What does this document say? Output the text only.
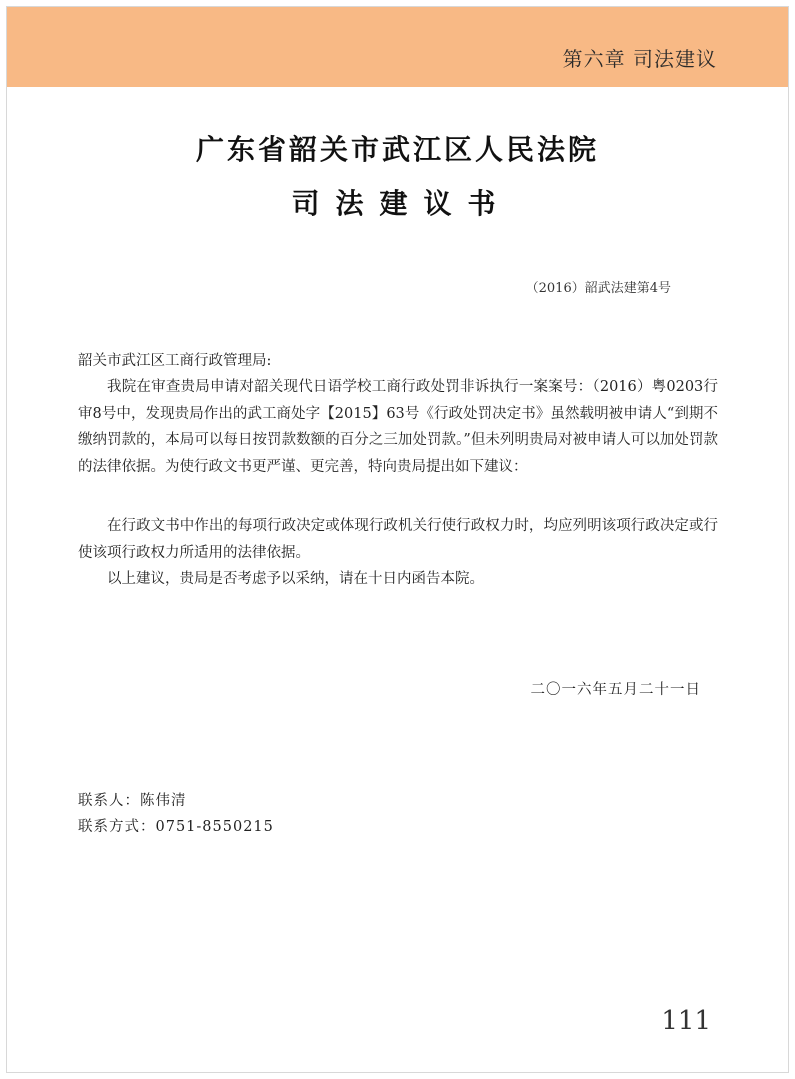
第六章 司法建议
广东省韶关市武江区人民法院
司法建议书
（2016）韶武法建第4号
韶关市武江区工商行政管理局:
我院在审查贵局申请对韶关现代日语学校工商行政处罚非诉执行一案案号：（2016）粤0203行审8号中，发现贵局作出的武工商处字【2015】63号《行政处罚决定书》虽然载明被申请人“到期不缴纳罚款的，本局可以每日按罚款数额的百分之三加处罚款。”但未列明贵局对被申请人可以加处罚款的法律依据。为使行政文书更严谨、更完善，特向贵局提出如下建议：
在行政文书中作出的每项行政决定或体现行政机关行使行政权力时，均应列明该项行政决定或行使该项行政权力所适用的法律依据。
以上建议，贵局是否考虑予以采纳，请在十日内函告本院。
二〇一六年五月二十一日
联系人：陈伟清
联系方式：0751-8550215
111
